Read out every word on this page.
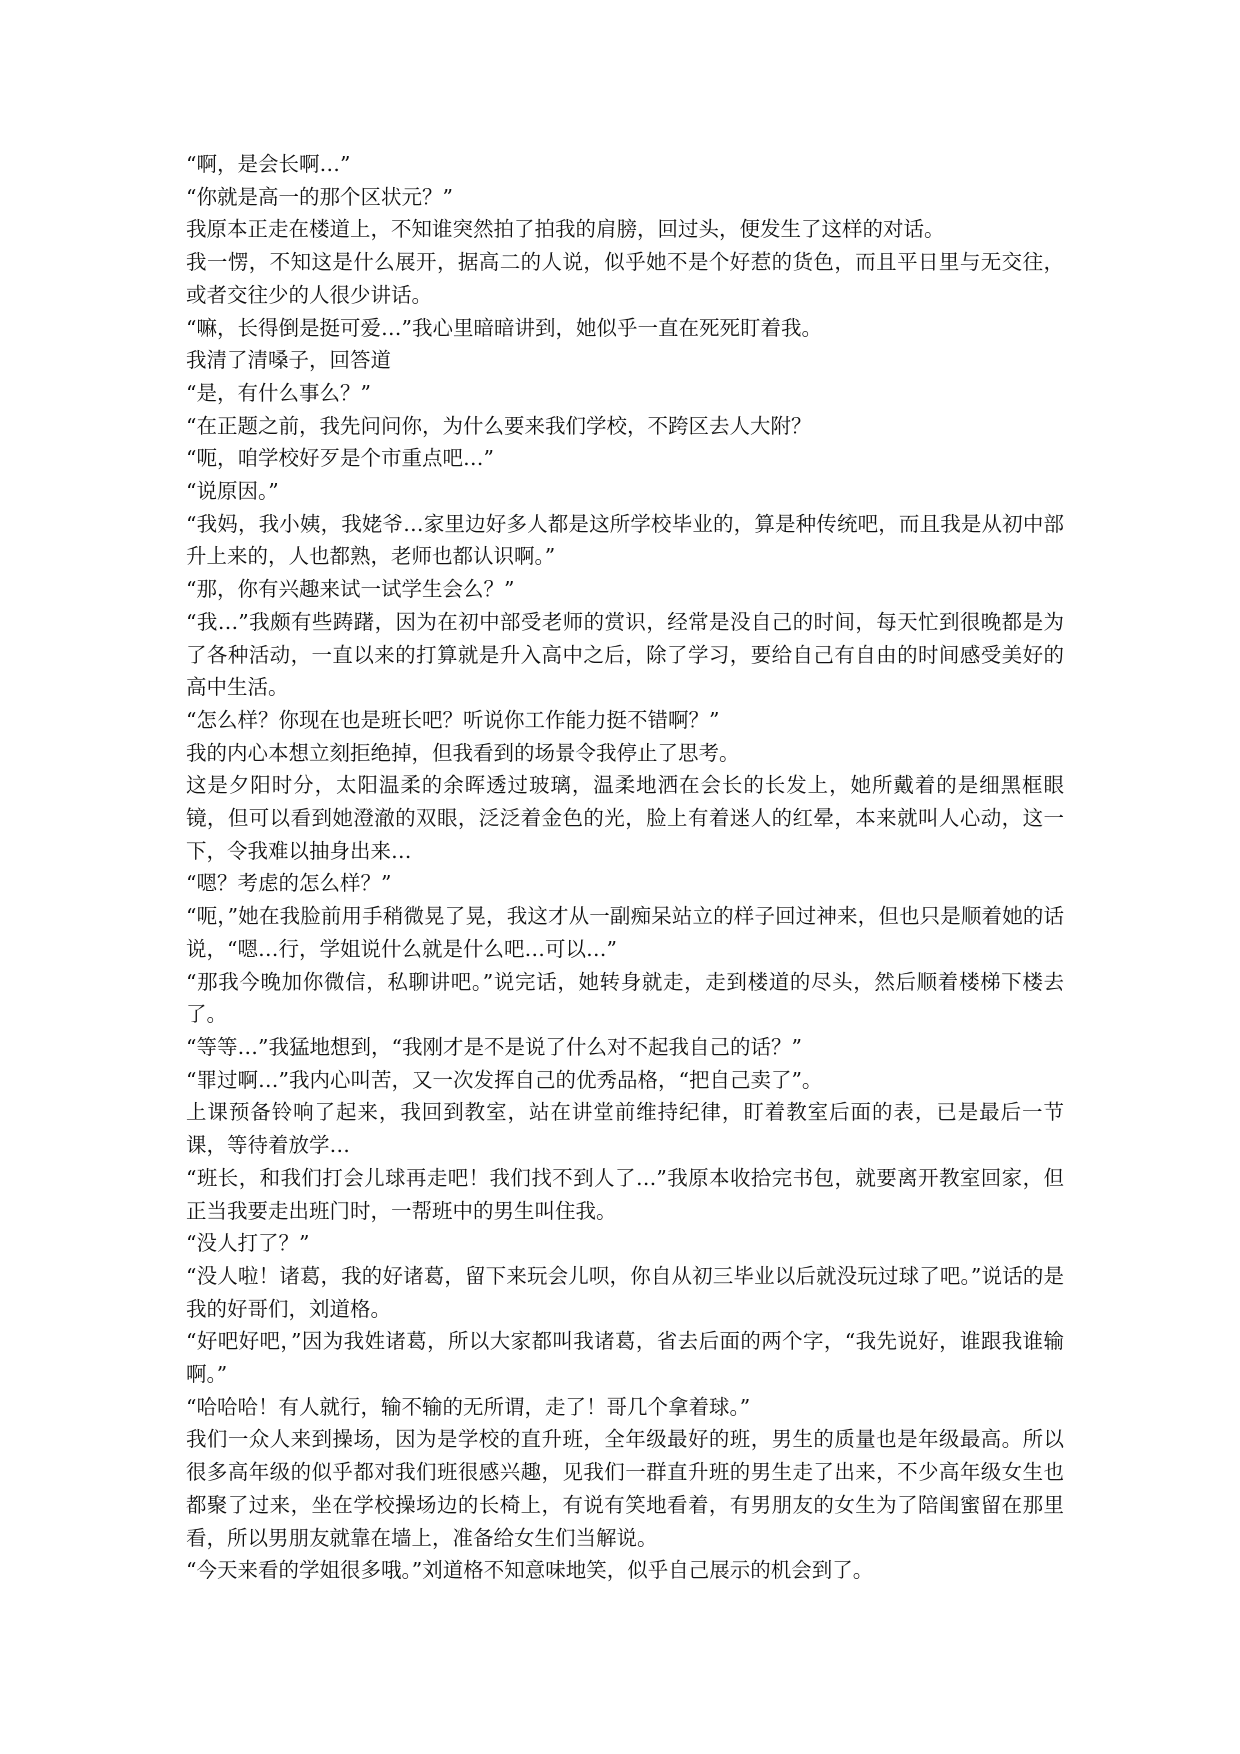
“啊，是会长啊…”

“你就是高一的那个区状元？”

我原本正走在楼道上，不知谁突然拍了拍我的肩膀，回过头，便发生了这样的对话。

我一愣，不知这是什么展开，据高二的人说，似乎她不是个好惹的货色，而且平日里与无交往，或者交往少的人很少讲话。

“嘛，长得倒是挺可爱…”我心里暗暗讲到，她似乎一直在死死盯着我。

我清了清嗓子，回答道

“是，有什么事么？”

“在正题之前，我先问问你，为什么要来我们学校，不跨区去人大附？

“呃，咱学校好歹是个市重点吧…”

“说原因。”

“我妈，我小姨，我姥爷…家里边好多人都是这所学校毕业的，算是种传统吧，而且我是从初中部升上来的，人也都熟，老师也都认识啊。”

“那，你有兴趣来试一试学生会么？”

“我…”我颇有些踌躇，因为在初中部受老师的赏识，经常是没自己的时间，每天忙到很晚都是为了各种活动，一直以来的打算就是升入高中之后，除了学习，要给自己有自由的时间感受美好的高中生活。

“怎么样？你现在也是班长吧？听说你工作能力挺不错啊？”

我的内心本想立刻拒绝掉，但我看到的场景令我停止了思考。

这是夕阳时分，太阳温柔的余晖透过玻璃，温柔地洒在会长的长发上，她所戴着的是细黑框眼镜，但可以看到她澄澈的双眼，泛泛着金色的光，脸上有着迷人的红晕，本来就叫人心动，这一下，令我难以抽身出来…

“嗯？考虑的怎么样？”

“呃，”她在我脸前用手稍微晃了晃，我这才从一副痴呆站立的样子回过神来，但也只是顺着她的话说，“嗯…行，学姐说什么就是什么吧…可以…”

“那我今晚加你微信，私聊讲吧。”说完话，她转身就走，走到楼道的尽头，然后顺着楼梯下楼去了。

“等等…”我猛地想到，“我刚才是不是说了什么对不起我自己的话？”

“罪过啊…”我内心叫苦，又一次发挥自己的优秀品格，“把自己卖了”。

上课预备铃响了起来，我回到教室，站在讲堂前维持纪律，盯着教室后面的表，已是最后一节课，等待着放学…

“班长，和我们打会儿球再走吧！我们找不到人了…”我原本收拾完书包，就要离开教室回家，但正当我要走出班门时，一帮班中的男生叫住我。

“没人打了？”

“没人啦！诸葛，我的好诸葛，留下来玩会儿呗，你自从初三毕业以后就没玩过球了吧。”说话的是我的好哥们，刘道格。

“好吧好吧，”因为我姓诸葛，所以大家都叫我诸葛，省去后面的两个字，“我先说好，谁跟我谁输啊。”

“哈哈哈！有人就行，输不输的无所谓，走了！哥几个拿着球。”

我们一众人来到操场，因为是学校的直升班，全年级最好的班，男生的质量也是年级最高。所以很多高年级的似乎都对我们班很感兴趣，见我们一群直升班的男生走了出来，不少高年级女生也都聚了过来，坐在学校操场边的长椅上，有说有笑地看着，有男朋友的女生为了陪闺蜜留在那里看，所以男朋友就靠在墙上，准备给女生们当解说。

“今天来看的学姐很多哦。”刘道格不知意味地笑，似乎自己展示的机会到了。
